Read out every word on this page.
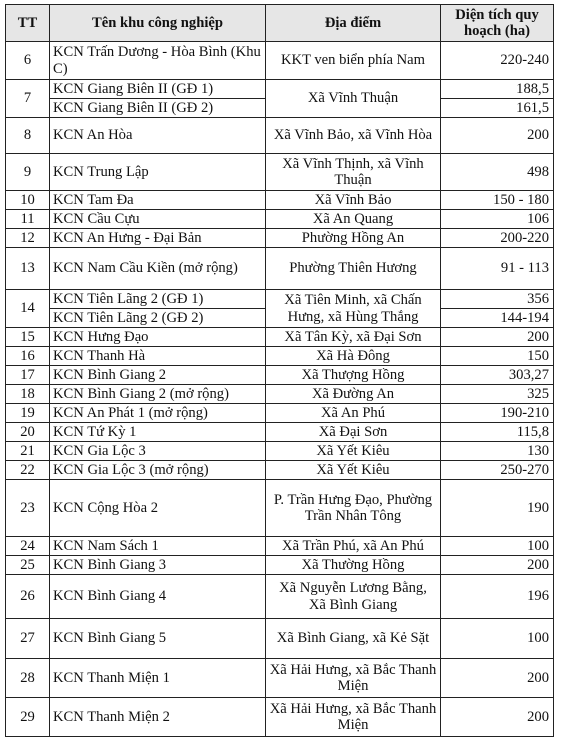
TT	Tên khu công nghiệp	Địa điểm	Diện tích quy hoạch (ha)
6	KCN Trấn Dương - Hòa Bình (Khu C)	KKT ven biển phía Nam	220-240
7	KCN Giang Biên II (GĐ 1)	Xã Vĩnh Thuận	188,5
	KCN Giang Biên II (GĐ 2)		161,5
8	KCN An Hòa	Xã Vĩnh Bảo, xã Vĩnh Hòa	200
9	KCN Trung Lập	Xã Vĩnh Thịnh, xã Vĩnh Thuận	498
10	KCN Tam Đa	Xã Vĩnh Bảo	150 - 180
11	KCN Cầu Cựu	Xã An Quang	106
12	KCN An Hưng - Đại Bản	Phường Hồng An	200-220
13	KCN Nam Cầu Kiền (mở rộng)	Phường Thiên Hương	91 - 113
14	KCN Tiên Lãng 2 (GĐ 1)	Xã Tiên Minh, xã Chấn Hưng, xã Hùng Thắng	356
	KCN Tiên Lãng 2 (GĐ 2)		144-194
15	KCN Hưng Đạo	Xã Tân Kỳ, xã Đại Sơn	200
16	KCN Thanh Hà	Xã Hà Đông	150
17	KCN Bình Giang 2	Xã Thượng Hồng	303,27
18	KCN Bình Giang 2 (mở rộng)	Xã Đường An	325
19	KCN An Phát 1 (mở rộng)	Xã An Phú	190-210
20	KCN Tứ Kỳ 1	Xã Đại Sơn	115,8
21	KCN Gia Lộc 3	Xã Yết Kiêu	130
22	KCN Gia Lộc 3 (mở rộng)	Xã Yết Kiêu	250-270
23	KCN Cộng Hòa 2	P. Trần Hưng Đạo, Phường Trần Nhân Tông	190
24	KCN Nam Sách 1	Xã Trần Phú, xã An Phú	100
25	KCN Bình Giang 3	Xã Thường Hồng	200
26	KCN Bình Giang 4	Xã Nguyễn Lương Bằng, Xã Bình Giang	196
27	KCN Bình Giang 5	Xã Bình Giang, xã Kẻ Sặt	100
28	KCN Thanh Miện 1	Xã Hải Hưng, xã Bắc Thanh Miện	200
29	KCN Thanh Miện 2	Xã Hải Hưng, xã Bắc Thanh Miện	200
